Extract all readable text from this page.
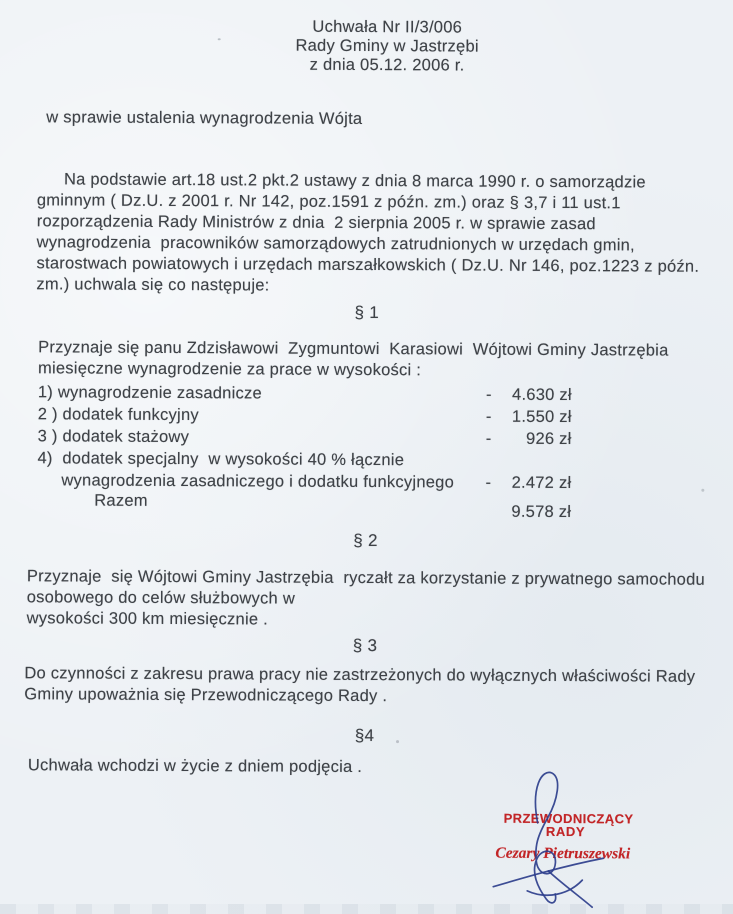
Uchwała Nr II/3/006
Rady Gminy w Jastrzębi
z dnia 05.12. 2006 r.
w sprawie ustalenia wynagrodzenia Wójta
Na podstawie art.18 ust.2 pkt.2 ustawy z dnia 8 marca 1990 r. o samorządzie
gminnym ( Dz.U. z 2001 r. Nr 142, poz.1591 z późn. zm.) oraz § 3,7 i 11 ust.1
rozporządzenia Rady Ministrów z dnia  2 sierpnia 2005 r. w sprawie zasad
wynagrodzenia  pracowników samorządowych zatrudnionych w urzędach gmin,
starostwach powiatowych i urzędach marszałkowskich ( Dz.U. Nr 146, poz.1223 z późn.
zm.) uchwala się co następuje:
§ 1
Przyznaje się panu Zdzisławowi  Zygmuntowi  Karasiowi  Wójtowi Gminy Jastrzębia
miesięczne wynagrodzenie za prace w wysokości :
1) wynagrodzenie zasadnicze	-	4.630 zł
2 ) dodatek funkcyjny	-	1.550 zł
3 ) dodatek stażowy	-	926 zł
4)  dodatek specjalny  w wysokości 40 % łącznie
wynagrodzenia zasadniczego i dodatku funkcyjnego	-	2.472 zł
Razem
9.578 zł
§ 2
Przyznaje  się Wójtowi Gminy Jastrzębia  ryczałt za korzystanie z prywatnego samochodu
osobowego do celów służbowych w
wysokości 300 km miesięcznie .
§ 3
Do czynności z zakresu prawa pracy nie zastrzeżonych do wyłącznych właściwości Rady
Gminy upoważnia się Przewodniczącego Rady .
§4
Uchwała wchodzi w życie z dniem podjęcia .
PRZEWODNICZĄCY
RADY
Cezary Pietruszewski
